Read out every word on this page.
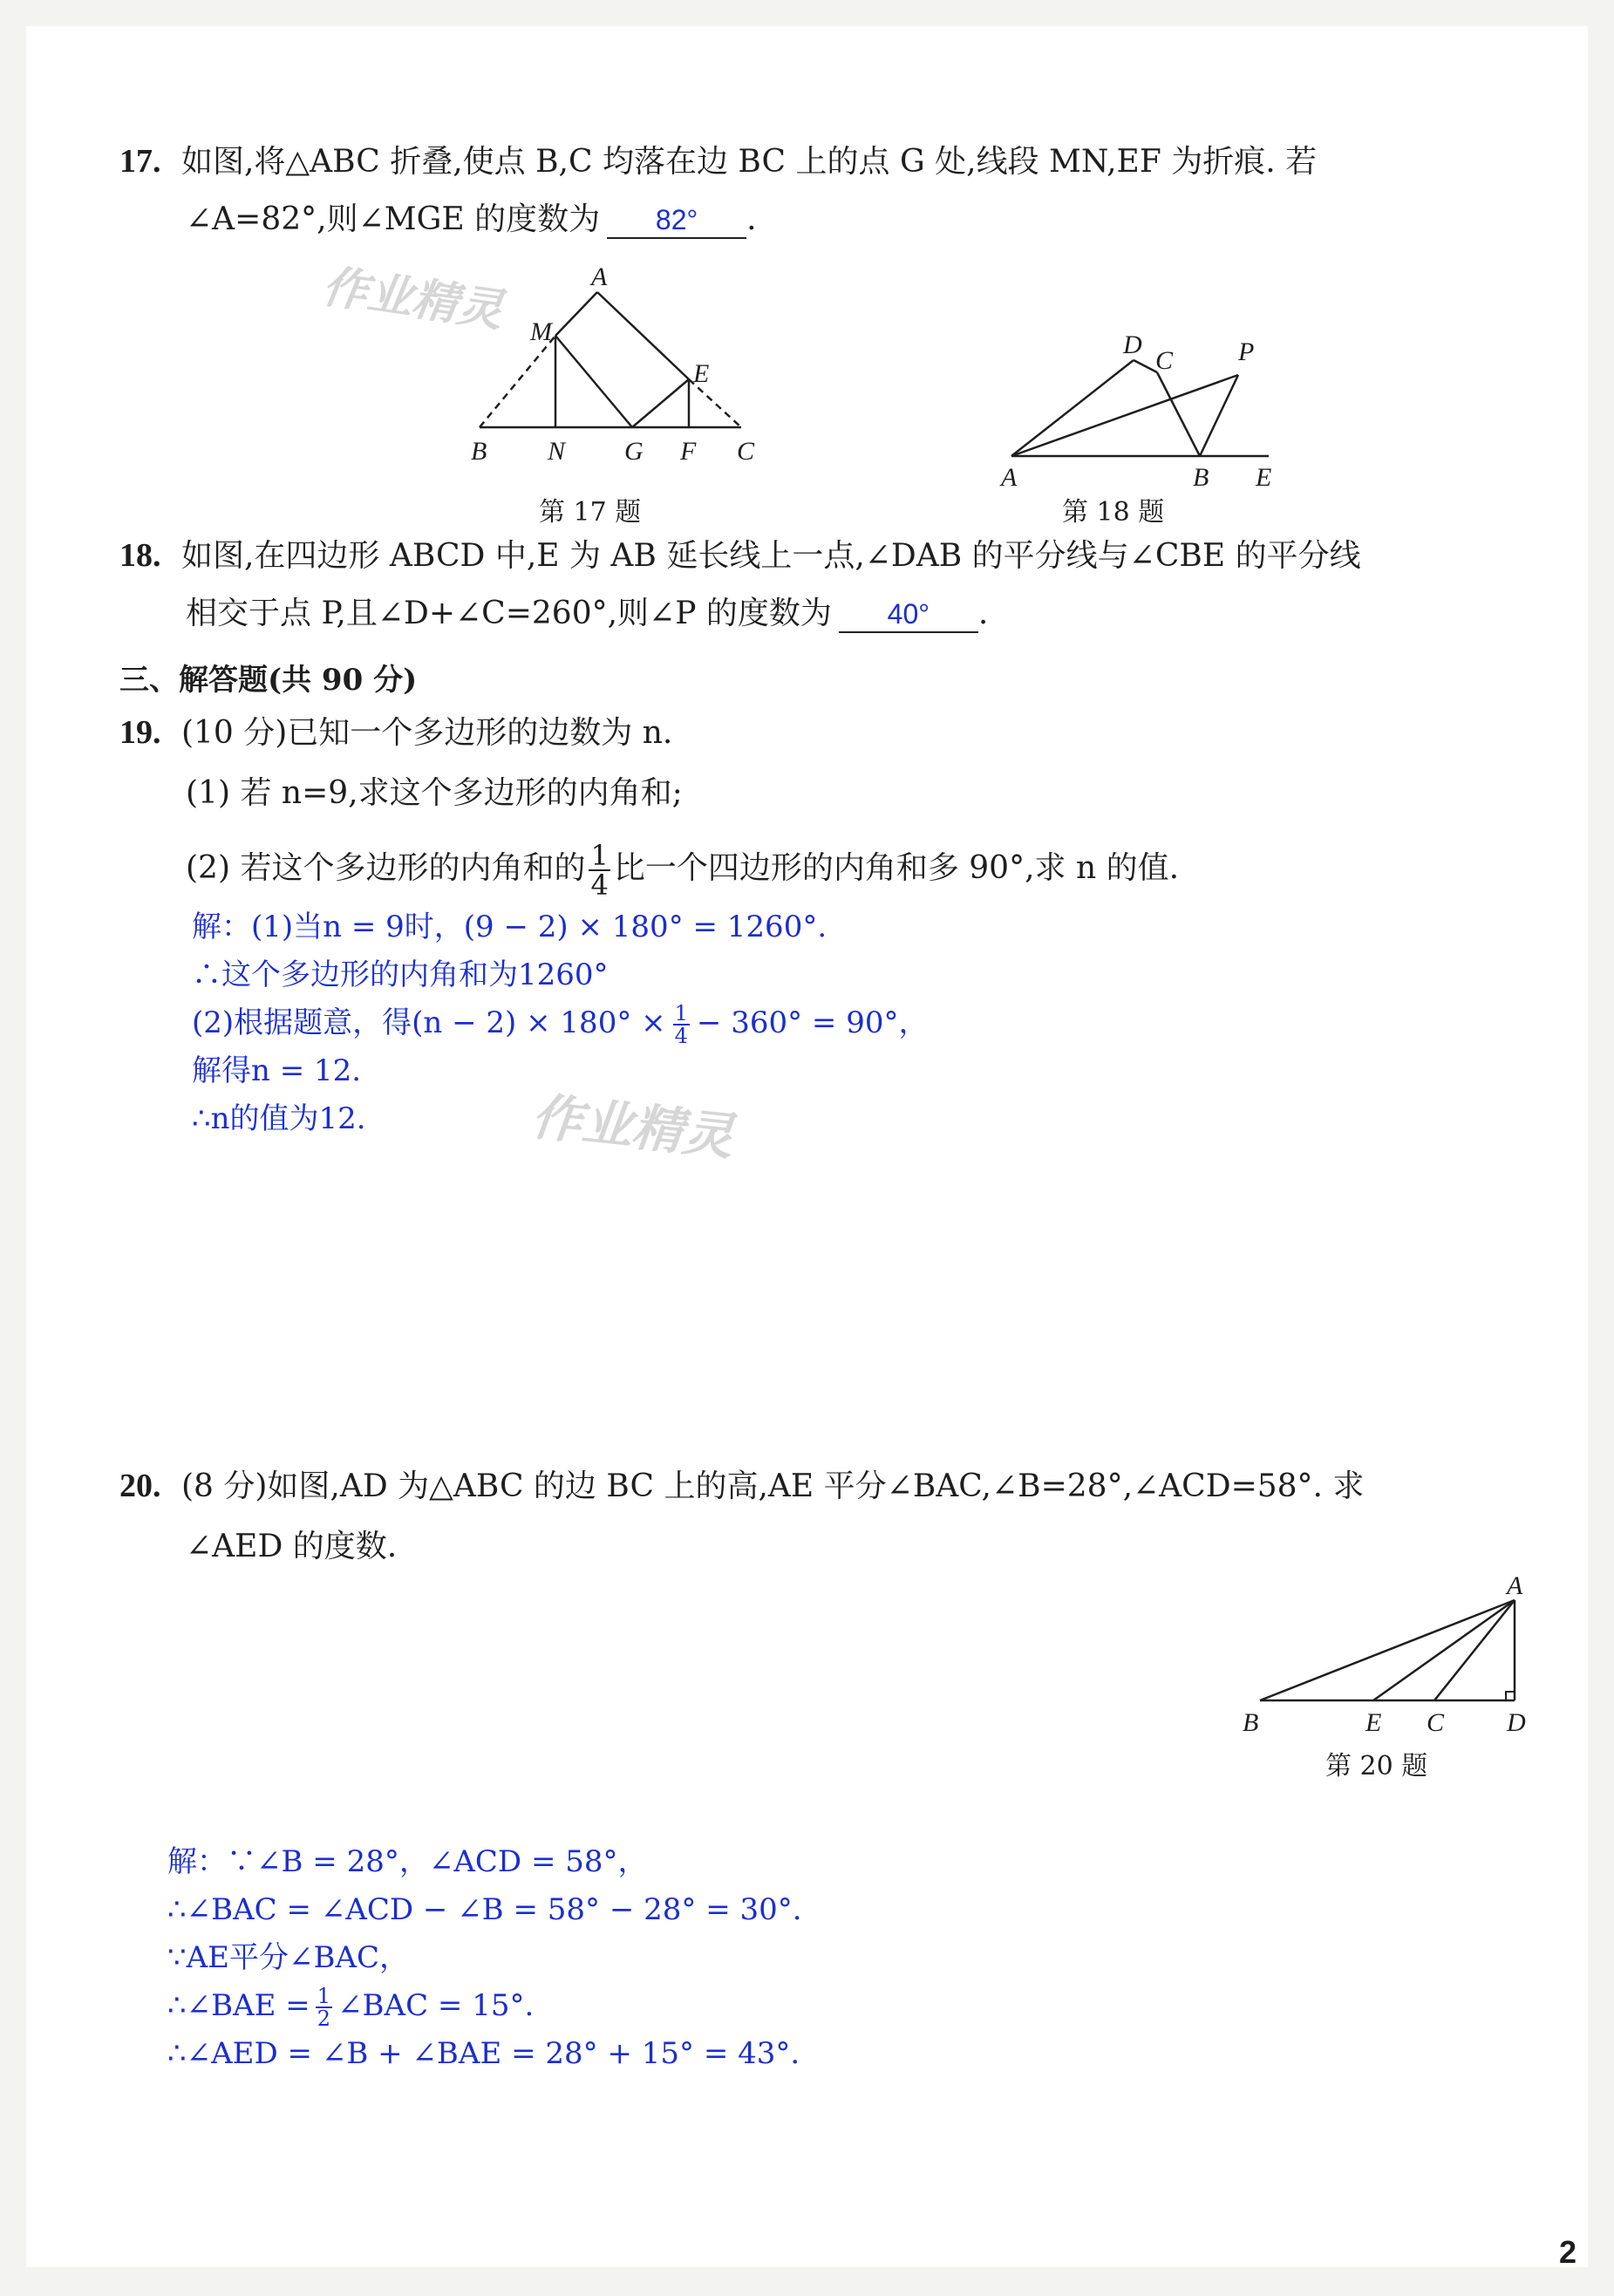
17. 如图,将△ABC 折叠,使点 B,C 均落在边 BC 上的点 G 处,线段 MN,EF 为折痕. 若
∠A=82°,则∠MGE 的度数为 82° .
A
M
E
B N G F C
第 17 题
D
C P
A	B E
第 18 题
18. 如图,在四边形 ABCD 中,E 为 AB 延长线上一点,∠DAB 的平分线与∠CBE 的平分线
相交于点 P,且∠D+∠C=260°,则∠P 的度数为 40° .
三、解答题(共 90 分)
19. (10 分)已知一个多边形的边数为 n.
(1) 若 n=9,求这个多边形的内角和;
(2) 若这个多边形的内角和的 $\frac{1}{4}$ 比一个四边形的内角和多 90°,求 n 的值.
解：(1)当n = 9时，(9 − 2) × 180° = 1260°.
∴这个多边形的内角和为1260°
(2)根据题意，得$(n - 2) \times 180^\circ \times \frac{1}{4} - 360^\circ = 90^\circ$，
解得n = 12.
∴n的值为12.
20. (8 分)如图,AD 为△ABC 的边 BC 上的高,AE 平分∠BAC,∠B=28°,∠ACD=58°. 求
∠AED 的度数.
A
B	E C D
第 20 题
解：∵∠B = 28°，∠ACD = 58°，
∴∠BAC = ∠ACD − ∠B = 58° − 28° = 30°.
∵AE平分∠BAC，
∴∠BAE = $\frac{1}{2}$ ∠BAC = 15°.
∴∠AED = ∠B + ∠BAE = 28° + 15° = 43°.
作业精灵
作业精灵
2
